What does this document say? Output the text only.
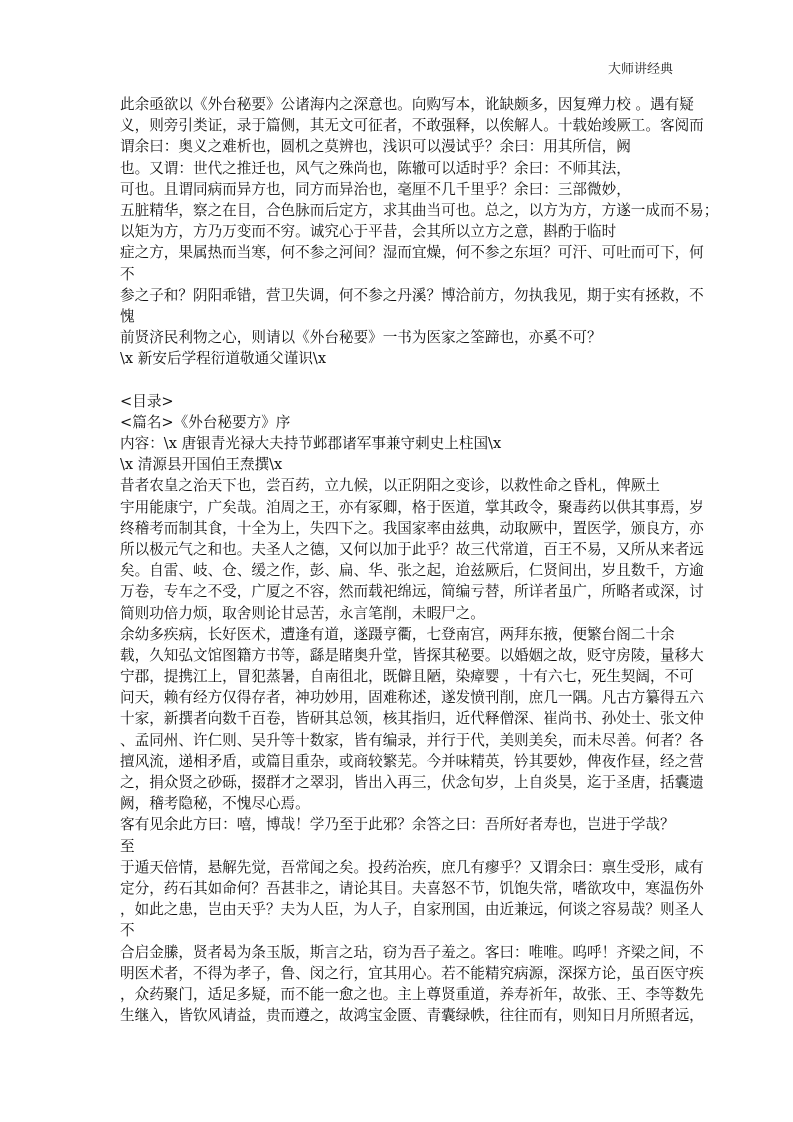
大师讲经典
此余亟欲以《外台秘要》公诸海内之深意也。向购写本，讹缺颇多，因复殚力校 。遇有疑
义，则旁引类证，录于篇侧，其无文可征者，不敢强释，以俟解人。十载始竣厥工。客阅而
谓余曰：奥义之难析也，圆机之莫辨也，浅识可以漫试乎？余曰：用其所信，阙
也。又谓：世代之推迁也，风气之殊尚也，陈辙可以适时乎？余曰：不师其法，
可也。且谓同病而异方也，同方而异治也，毫厘不几千里乎？余曰：三部微妙，
五脏精华，察之在目，合色脉而后定方，求其曲当可也。总之，以方为方，方遂一成而不易；
以矩为方，方乃万变而不穷。诚究心于平昔，会其所以立方之意，斟酌于临时
症之方，果属热而当寒，何不参之河间？湿而宜燥，何不参之东垣？可汗、可吐而可下，何
不
参之子和？阴阳乖错，营卫失调，何不参之丹溪？博洽前方，勿执我见，期于实有拯救，不
愧
前贤济民利物之心，则请以《外台秘要》一书为医家之筌蹄也，亦奚不可？
\x 新安后学程衍道敬通父谨识\x
<目录>
<篇名>《外台秘要方》序
内容：\x 唐银青光禄大夫持节邺郡诸军事兼守刺史上柱国\x
\x 清源县开国伯王焘撰\x
昔者农皇之治天下也，尝百药，立九候，以正阴阳之变诊，以救性命之昏札，俾厥土
宇用能康宁，广矣哉。洎周之王，亦有冢卿，格于医道，掌其政令，聚毒药以供其事焉，岁
终稽考而制其食，十全为上，失四下之。我国家率由兹典，动取厥中，置医学，颁良方，亦
所以极元气之和也。夫圣人之德，又何以加于此乎？故三代常道，百王不易，又所从来者远
矣。自雷、岐、仓、缓之作，彭、扁、华、张之起，迨兹厥后，仁贤间出，岁且数千，方逾
万卷，专车之不受，广厦之不容，然而载祀绵远，简编亏替，所详者虽广，所略者或深，讨
简则功倍力烦，取舍则论甘忌苦，永言笔削，未暇尸之。
余幼多疾病，长好医术，遭逢有道，遂蹑亨衢，七登南宫，两拜东掖，便繁台阁二十余
载，久知弘文馆图籍方书等，繇是睹奥升堂，皆探其秘要。以婚姻之故，贬守房陵，量移大
宁郡，提携江上，冒犯蒸暑，自南徂北，既僻且陋，染瘴婴 ，十有六七，死生契阔，不可
问天，赖有经方仅得存者，神功妙用，固难称述，遂发愤刊削，庶几一隅。凡古方纂得五六
十家，新撰者向数千百卷，皆研其总领，核其指归，近代释僧深、崔尚书、孙处士、张文仲
、孟同州、许仁则、吴升等十数家，皆有编录，并行于代，美则美矣，而未尽善。何者？各
擅风流，递相矛盾，或篇目重杂，或商较繁芜。今并味精英，钤其要妙，俾夜作昼，经之营
之，捐众贤之砂砾，掇群才之翠羽，皆出入再三，伏念旬岁，上自炎昊，迄于圣唐，括囊遗
阙，稽考隐秘，不愧尽心焉。
客有见余此方曰：嘻，博哉！学乃至于此邪？余答之曰：吾所好者寿也，岂进于学哉？
至
于遁天倍情，悬解先觉，吾常闻之矣。投药治疾，庶几有瘳乎？又谓余曰：禀生受形，咸有
定分，药石其如命何？吾甚非之，请论其目。夫喜怒不节，饥饱失常，嗜欲攻中，寒温伤外
，如此之患，岂由天乎？夫为人臣，为人子，自家刑国，由近兼远，何谈之容易哉？则圣人
不
合启金縢，贤者曷为条玉版，斯言之玷，窃为吾子羞之。客曰：唯唯。呜呼！齐梁之间，不
明医术者，不得为孝子，鲁、闵之行，宜其用心。若不能精究病源，深探方论，虽百医守疾
，众药聚门，适足多疑，而不能一愈之也。主上尊贤重道，养寿祈年，故张、王、李等数先
生继入，皆钦风请益，贵而遵之，故鸿宝金匮、青囊绿帙，往往而有，则知日月所照者远，
